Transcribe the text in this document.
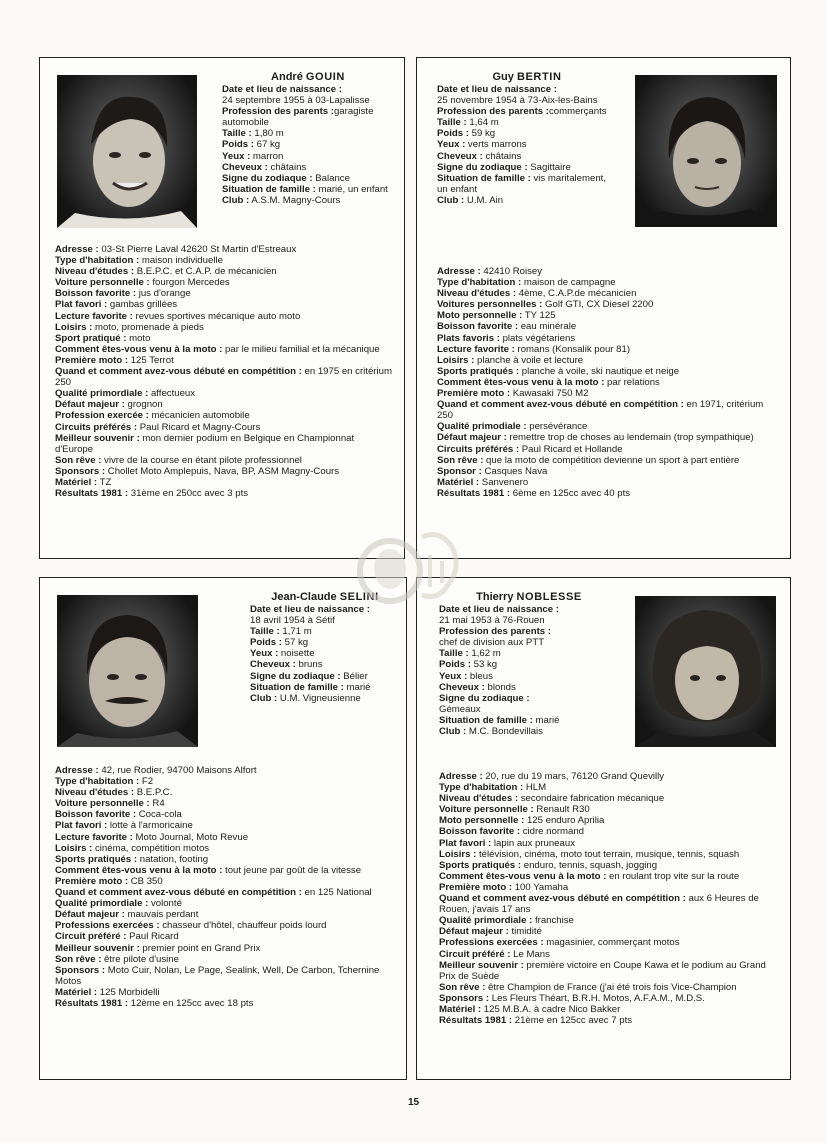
André GOUIN
Date et lieu de naissance :
24 septembre 1955 à 03-Lapalisse
Profession des parents :garagiste automobile
Taille : 1,80 m
Poids : 67 kg
Yeux : marron
Cheveux : châtains
Signe du zodiaque : Balance
Situation de famille : marié, un enfant
Club : A.S.M. Magny-Cours
Adresse : 03-St Pierre Laval 42620 St Martin d'Estreaux
Type d'habitation : maison individuelle
Niveau d'études : B.E.P.C. et C.A.P. de mécanicien
Voiture personnelle : fourgon Mercedes
Boisson favorite : jus d'orange
Plat favori : gambas grillées
Lecture favorite : revues sportives mécanique auto moto
Loisirs : moto, promenade à pieds
Sport pratiqué : moto
Comment êtes-vous venu à la moto : par le milieu familial et la mécanique
Première moto : 125 Terrot
Quand et comment avez-vous débuté en compétition : en 1975 en critérium 250
Qualité primordiale : affectueux
Défaut majeur : grognon
Profession exercée : mécanicien automobile
Circuits préférés : Paul Ricard et Magny-Cours
Meilleur souvenir : mon dernier podium en Belgique en Championnat d'Europe
Son rêve : vivre de la course en étant pilote professionnel
Sponsors : Chollet Moto Amplepuis, Nava, BP, ASM Magny-Cours
Matériel : TZ
Résultats 1981 : 31ème en 250cc avec 3 pts
Guy BERTIN
Date et lieu de naissance :
25 novembre 1954 à 73-Aix-les-Bains
Profession des parents :commerçants
Taille : 1,64 m
Poids : 59 kg
Yeux : verts marrons
Cheveux : châtains
Signe du zodiaque : Sagittaire
Situation de famille : vis maritalement, un enfant
Club : U.M. Ain
Adresse : 42410 Roisey
Type d'habitation : maison de campagne
Niveau d'études : 4ème, C.A.P.de mécanicien
Voitures personnelles : Golf GTI, CX Diesel 2200
Moto personnelle : TY 125
Boisson favorite : eau minérale
Plats favoris : plats végétariens
Lecture favorite : romans (Konsalik pour 81)
Loisirs : planche à voile et lecture
Sports pratiqués : planche à voile, ski nautique et neige
Comment êtes-vous venu à la moto : par relations
Première moto : Kawasaki 750 M2
Quand et comment avez-vous débuté en compétition : en 1971, critérium 250
Qualité primodiale : persévérance
Défaut majeur : remettre trop de choses au lendemain (trop sympathique)
Circuits préférés : Paul Ricard et Hollande
Son rêve : que la moto de compétition devienne un sport à part entière
Sponsor : Casques Nava
Matériel : Sanvenero
Résultats 1981 : 6ème en 125cc avec 40 pts
Jean-Claude SELINI
Date et lieu de naissance :
18 avril 1954 à Sétif
Taille : 1,71 m
Poids : 57 kg
Yeux : noisette
Cheveux : bruns
Signe du zodiaque : Bélier
Situation de famille : marié
Club : U.M. Vigneusienne
Adresse : 42, rue Rodier, 94700 Maisons Alfort
Type d'habitation : F2
Niveau d'études : B.E.P.C.
Voiture personnelle : R4
Boisson favorite : Coca-cola
Plat favori : lotte à l'armoricaine
Lecture favorite : Moto Journal, Moto Revue
Loisirs : cinéma, compétition motos
Sports pratiqués : natation, footing
Comment êtes-vous venu à la moto : tout jeune par goût de la vitesse
Première moto : CB 350
Quand et comment avez-vous débuté en compétition : en 125 National
Qualité primordiale : volonté
Défaut majeur : mauvais perdant
Professions exercées : chasseur d'hôtel, chauffeur poids lourd
Circuit préféré : Paul Ricard
Meilleur souvenir : premier point en Grand Prix
Son rêve : être pilote d'usine
Sponsors : Moto Cuir, Nolan, Le Page, Sealink, Well, De Carbon, Tchernine Motos
Matériel : 125 Morbidelli
Résultats 1981 : 12ème en 125cc avec 18 pts
Thierry NOBLESSE
Date et lieu de naissance :
21 mai 1953 à 76-Rouen
Profession des parents :
chef de division aux PTT
Taille : 1,62 m
Poids : 53 kg
Yeux : bleus
Cheveux : blonds
Signe du zodiaque :
Gémeaux
Situation de famille : marié
Club : M.C. Bondevillais
Adresse : 20, rue du 19 mars, 76120 Grand Quevilly
Type d'habitation : HLM
Niveau d'études : secondaire fabrication mécanique
Voiture personnelle : Renault R30
Moto personnelle : 125 enduro Aprilia
Boisson favorite : cidre normand
Plat favori : lapin aux pruneaux
Loisirs : télévision, cinéma, moto tout terrain, musique, tennis, squash
Sports pratiqués : enduro, tennis, squash, jogging
Comment êtes-vous venu à la moto : en roulant trop vite sur la route
Première moto : 100 Yamaha
Quand et comment avez-vous débuté en compétition : aux 6 Heures de Rouen, j'avais 17 ans
Qualité primordiale : franchise
Défaut majeur : timidité
Professions exercées : magasinier, commerçant motos
Circuit préféré : Le Mans
Meilleur souvenir : première victoire en Coupe Kawa et le podium au Grand Prix de Suède
Son rêve : être Champion de France (j'ai été trois fois Vice-Champion
Sponsors : Les Fleurs Théart, B.R.H. Motos, A.F.A.M., M.D.S.
Matériel : 125 M.B.A. à cadre Nico Bakker
Résultats 1981 : 21ème en 125cc avec 7 pts
15
